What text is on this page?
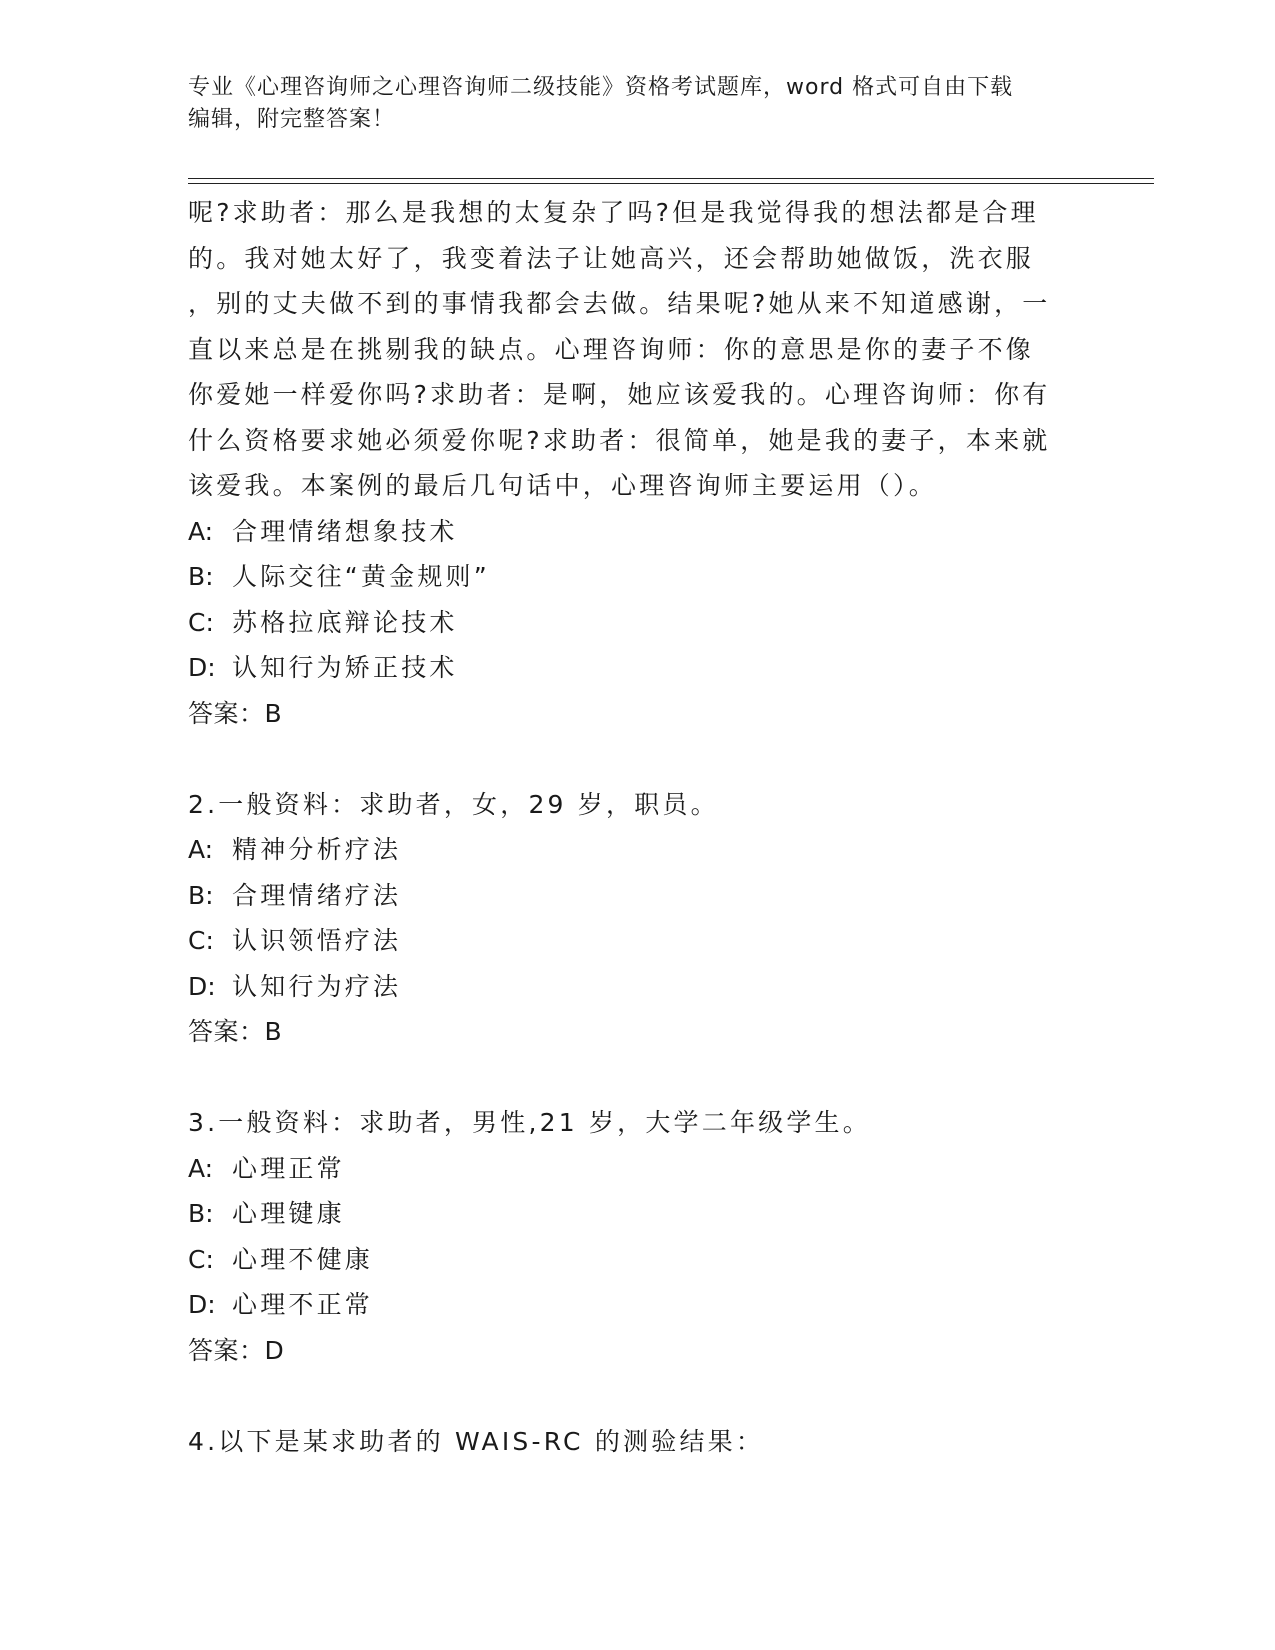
专业《心理咨询师之心理咨询师二级技能》资格考试题库，word 格式可自由下载
编辑，附完整答案！

呢?求助者：那么是我想的太复杂了吗?但是我觉得我的想法都是合理

的。我对她太好了，我变着法子让她高兴，还会帮助她做饭，洗衣服

，别的丈夫做不到的事情我都会去做。结果呢?她从来不知道感谢，一

直以来总是在挑剔我的缺点。心理咨询师：你的意思是你的妻子不像

你爱她一样爱你吗?求助者：是啊，她应该爱我的。心理咨询师：你有

什么资格要求她必须爱你呢?求助者：很简单，她是我的妻子，本来就

该爱我。本案例的最后几句话中，心理咨询师主要运用（）。

A: 合理情绪想象技术

B: 人际交往“黄金规则”

C: 苏格拉底辩论技术

D: 认知行为矫正技术

答案：B

2.一般资料：求助者，女，29 岁，职员。

A: 精神分析疗法

B: 合理情绪疗法

C: 认识领悟疗法

D: 认知行为疗法

答案：B

3.一般资料：求助者，男性,21 岁，大学二年级学生。

A: 心理正常

B: 心理键康

C: 心理不健康

D: 心理不正常

答案：D

4.以下是某求助者的 WAIS-RC 的测验结果：
